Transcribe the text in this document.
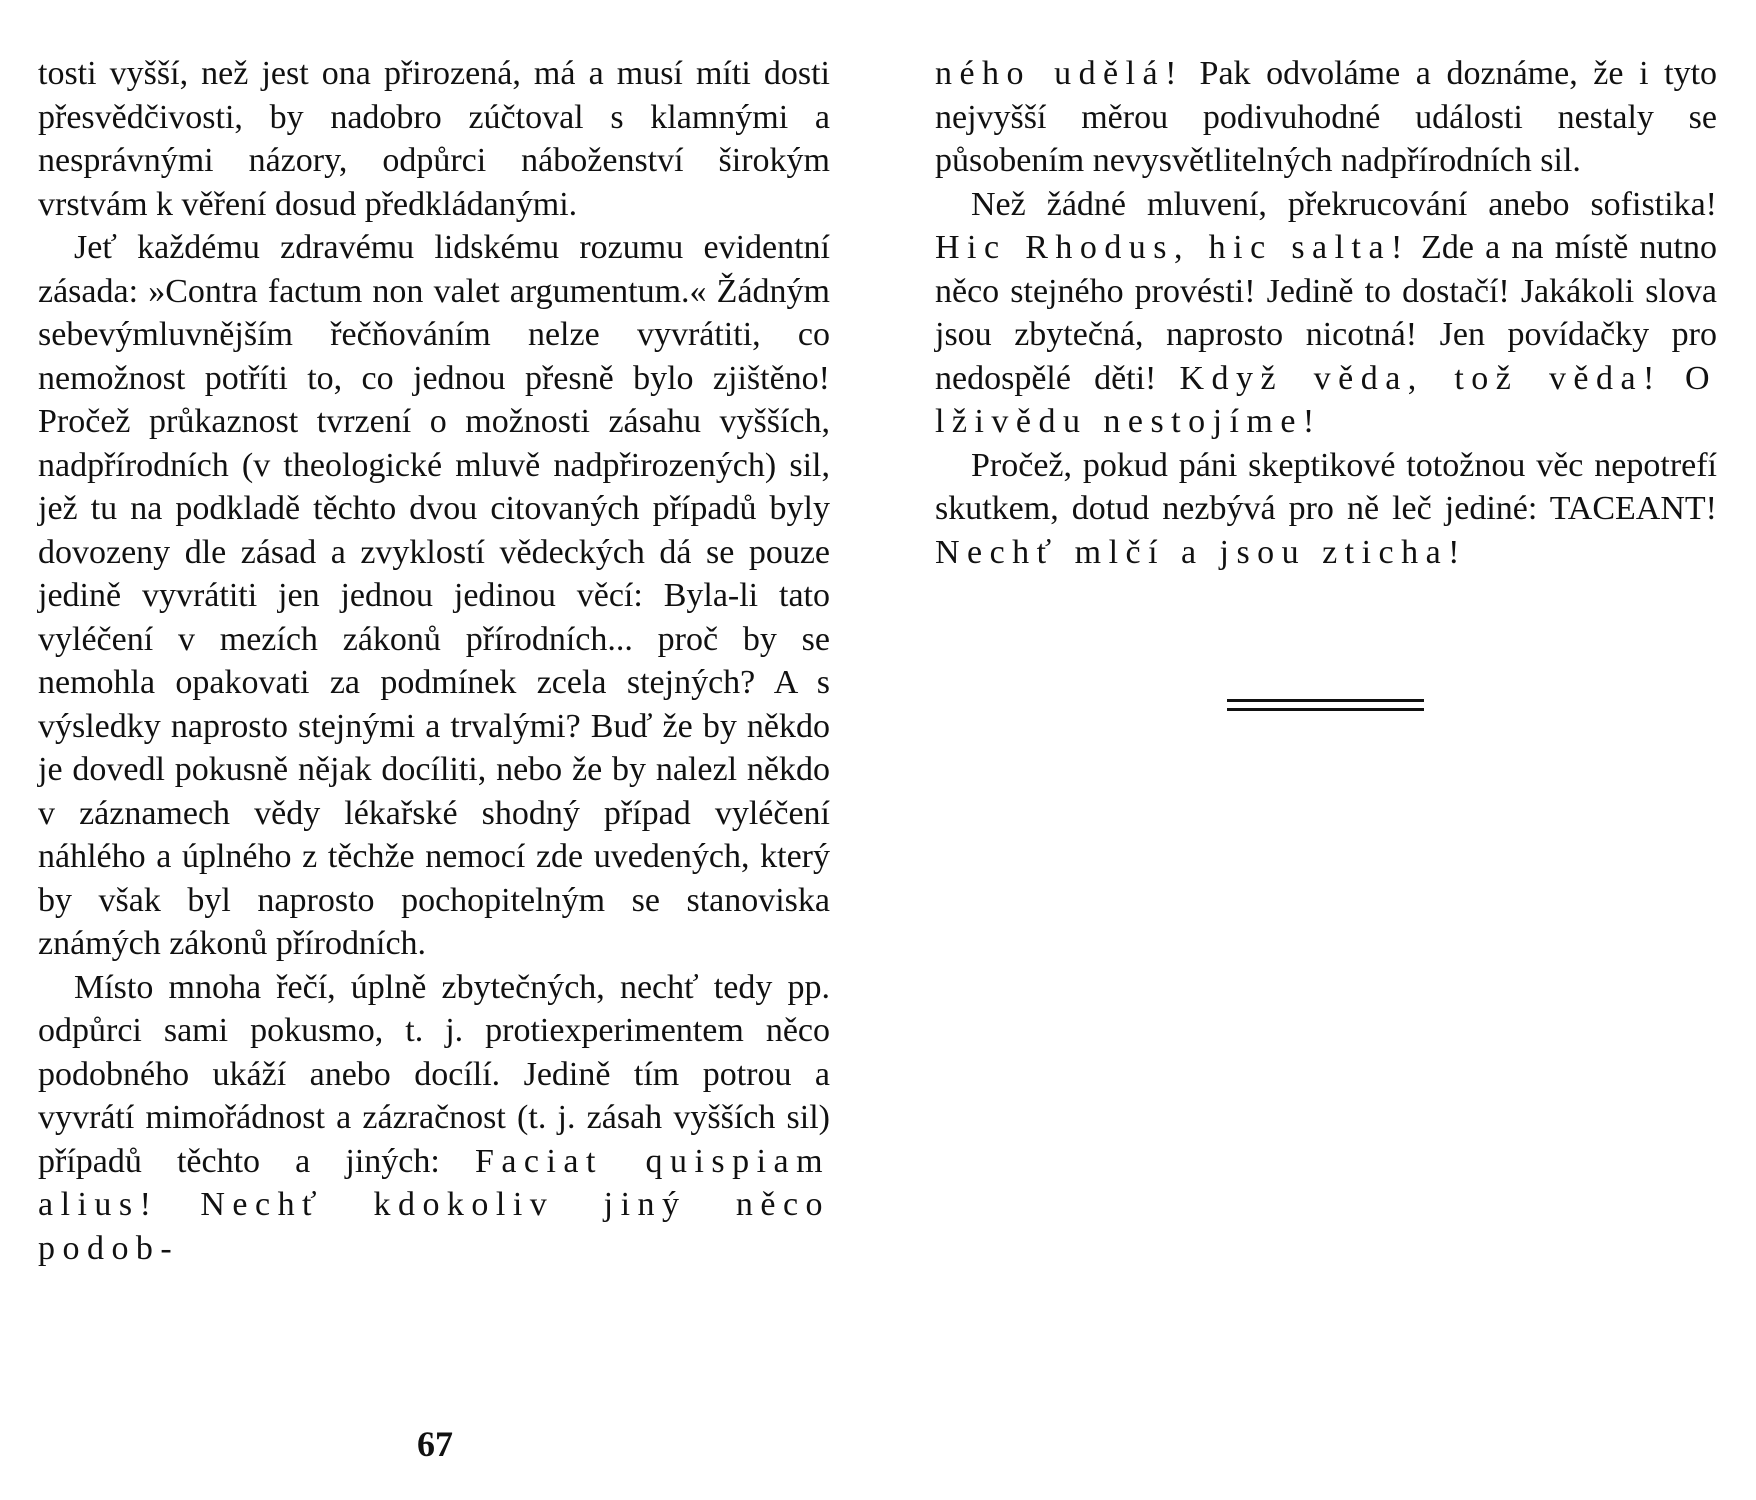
tosti vyšší, než jest ona přirozená, má a musí míti dosti přesvědčivosti, by nadobro zúčtoval s klamnými a nesprávnými názory, odpůrci náboženství širokým vrstvám k věření dosud předkládanými.

Jeť každému zdravému lidskému rozumu evidentní zásada: »Contra factum non valet argumentum.« Žádným sebevýmluvnějším řečňováním nelze vyvrátiti, co nemožnost potříti to, co jednou přesně bylo zjištěno! Pročež průkaznost tvrzení o možnosti zásahu vyšších, nadpřírodních (v theologické mluvě nadpřirozených) sil, jež tu na podkladě těchto dvou citovaných případů byly dovozeny dle zásad a zvyklostí vědeckých dá se pouze jedině vyvrátiti jen jednou jedinou věcí: Byla-li tato vyléčení v mezích zákonů přírodních... proč by se nemohla opakovati za podmínek zcela stejných? A s výsledky naprosto stejnými a trvalými? Buď že by někdo je dovedl pokusně nějak docíliti, nebo že by nalezl někdo v záznamech vědy lékařské shodný případ vyléčení náhlého a úplného z těchže nemocí zde uvedených, který by však byl naprosto pochopitelným se stanoviska známých zákonů přírodních.

Místo mnoha řečí, úplně zbytečných, nechť tedy pp. odpůrci sami pokusmo, t. j. protiexperimentem něco podobného ukáží anebo docílí. Jedině tím potrou a vyvrátí mimořádnost a zázračnost (t. j. zásah vyšších sil) případů těchto a jiných: Faciat quispiam alius! Nechť kdokoliv jiný něco podob-

ného udělá! Pak odvoláme a doznáme, že i tyto nejvyšší měrou podivuhodné události nestaly se působením nevysvětlitelných nadpřírodních sil.

Než žádné mluvení, překrucování anebo sofistika! Hic Rhodus, hic salta! Zde a na místě nutno něco stejného provésti! Jedině to dostačí! Jakákoli slova jsou zbytečná, naprosto nicotná! Jen povídačky pro nedospělé děti! Když věda, tož věda! O lživědu nestojíme!

Pročež, pokud páni skeptikové totožnou věc nepotrefí skutkem, dotud nezbývá pro ně leč jediné: TACEANT! Nechť mlčí a jsou zticha!

67
